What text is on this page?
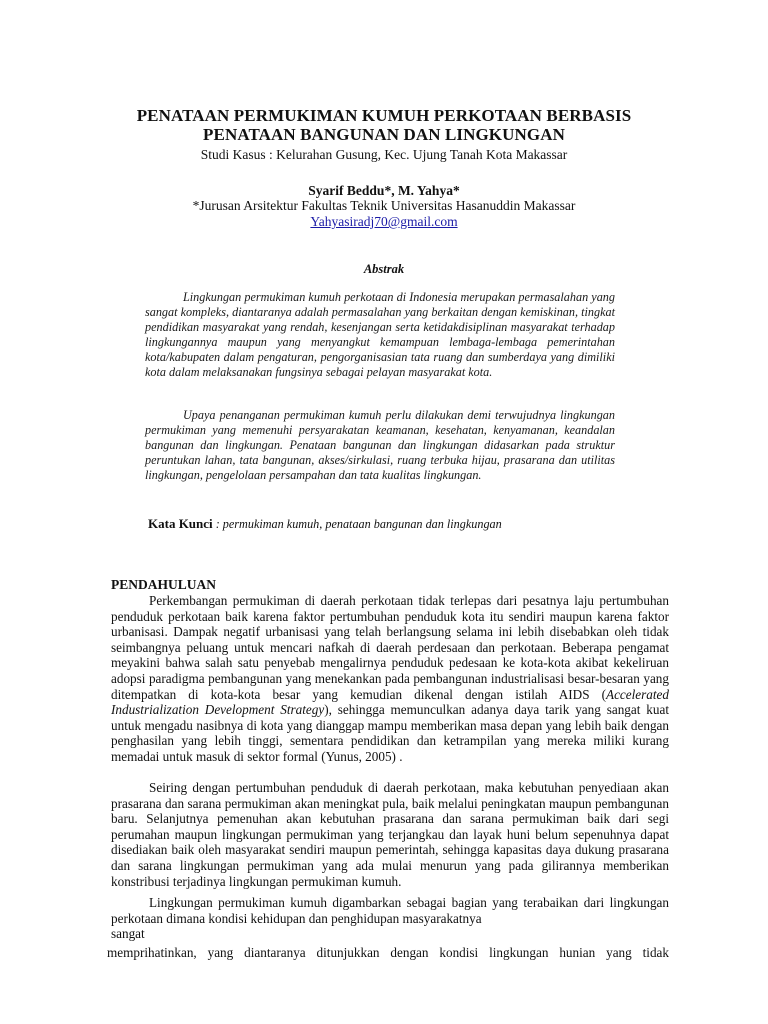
PENATAAN PERMUKIMAN KUMUH PERKOTAAN BERBASIS
PENATAAN BANGUNAN DAN LINGKUNGAN
Studi Kasus : Kelurahan Gusung, Kec. Ujung Tanah Kota Makassar
Syarif Beddu*, M. Yahya*
*Jurusan Arsitektur Fakultas Teknik Universitas Hasanuddin Makassar
Yahyasiradj70@gmail.com
Abstrak

Lingkungan permukiman kumuh perkotaan di Indonesia merupakan permasalahan yang sangat kompleks, diantaranya adalah permasalahan yang berkaitan dengan kemiskinan, tingkat pendidikan masyarakat yang rendah, kesenjangan serta ketidakdisiplinan masyarakat terhadap lingkungannya maupun yang menyangkut kemampuan lembaga-lembaga pemerintahan kota/kabupaten dalam pengaturan, pengorganisasian tata ruang dan sumberdaya yang dimiliki kota dalam melaksanakan fungsinya sebagai pelayan masyarakat kota.

Upaya penanganan permukiman kumuh perlu dilakukan demi terwujudnya lingkungan permukiman yang memenuhi persyarakatan keamanan, kesehatan, kenyamanan, keandalan bangunan dan lingkungan. Penataan bangunan dan lingkungan didasarkan pada struktur peruntukan lahan, tata bangunan, akses/sirkulasi, ruang terbuka hijau, prasarana dan utilitas lingkungan, pengelolaan persampahan dan tata kualitas lingkungan.

Kata Kunci : permukiman kumuh, penataan bangunan dan lingkungan
PENDAHULUAN

Perkembangan permukiman di daerah perkotaan tidak terlepas dari pesatnya laju pertumbuhan penduduk perkotaan baik karena faktor pertumbuhan penduduk kota itu sendiri maupun karena faktor urbanisasi. Dampak negatif urbanisasi yang telah berlangsung selama ini lebih disebabkan oleh tidak seimbangnya peluang untuk mencari nafkah di daerah perdesaan dan perkotaan. Beberapa pengamat meyakini bahwa salah satu penyebab mengalirnya penduduk pedesaan ke kota-kota akibat kekeliruan adopsi paradigma pembangunan yang menekankan pada pembangunan industrialisasi besar-besaran yang ditempatkan di kota-kota besar yang kemudian dikenal dengan istilah AIDS (Accelerated Industrialization Development Strategy), sehingga memunculkan adanya daya tarik yang sangat kuat untuk mengadu nasibnya di kota yang dianggap mampu memberikan masa depan yang lebih baik dengan penghasilan yang lebih tinggi, sementara pendidikan dan ketrampilan yang mereka miliki kurang memadai untuk masuk di sektor formal (Yunus, 2005) .

Seiring dengan pertumbuhan penduduk di daerah perkotaan, maka kebutuhan penyediaan akan prasarana dan sarana permukiman akan meningkat pula, baik melalui peningkatan maupun pembangunan baru. Selanjutnya pemenuhan akan kebutuhan prasarana dan sarana permukiman baik dari segi perumahan maupun lingkungan permukiman yang terjangkau dan layak huni belum sepenuhnya dapat disediakan baik oleh masyarakat sendiri maupun pemerintah, sehingga kapasitas daya dukung prasarana dan sarana lingkungan permukiman yang ada mulai menurun yang pada gilirannya memberikan konstribusi terjadinya lingkungan permukiman kumuh.

Lingkungan permukiman kumuh digambarkan sebagai bagian yang terabaikan dari lingkungan perkotaan dimana kondisi kehidupan dan penghidupan masyarakatnya
sangat

memprihatinkan, yang diantaranya ditunjukkan dengan kondisi lingkungan hunian yang tidak
